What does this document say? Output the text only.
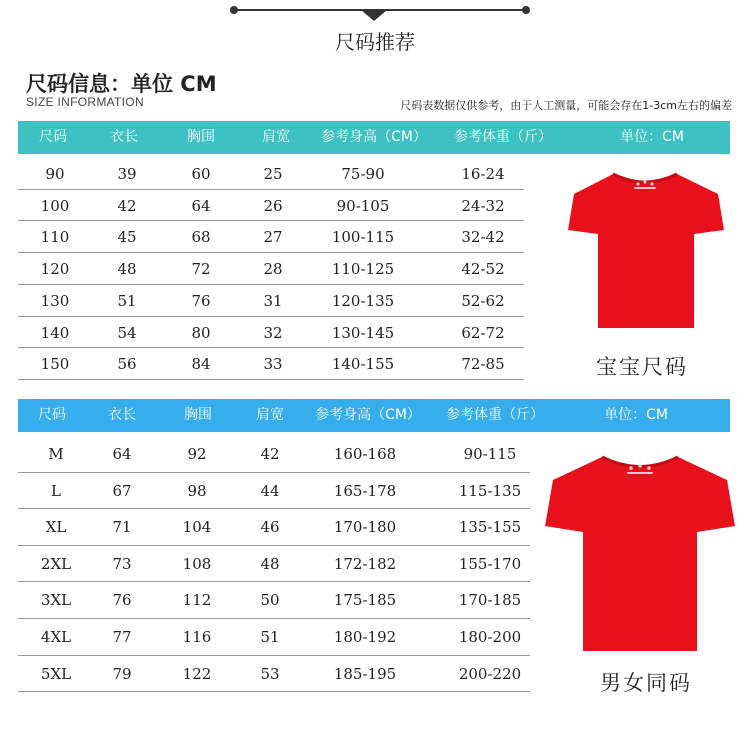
尺码推荐
尺码信息：单位 CM
SIZE INFORMATION	尺码表数据仅供参考，由于人工测量，可能会存在1-3cm左右的偏差
尺码	衣长	胸围	肩宽 参考身高（CM） 参考体重（斤）	单位：CM
90	39	60	25	75-90	16-24
100	42	64	26	90-105	24-32
110	45	68	27	100-115	32-42
120	48	72	28	110-125	42-52
130	51	76	31	120-135	52-62
140	54	80	32	130-145	62-72
150	56	84	33	140-155	72-85
尺码	衣长	胸围	肩宽 参考身高（CM） 参考体重（斤）	单位：CM
M	64	92	42	160-168	90-115
L	67	98	44	165-178	115-135
XL	71	104	46	170-180	135-155
2XL	73	108	48	172-182	155-170
3XL	76	112	50	175-185	170-185
4XL	77	116	51	180-192	180-200
5XL	79	122	53	185-195	200-220
宝宝尺码
男女同码
